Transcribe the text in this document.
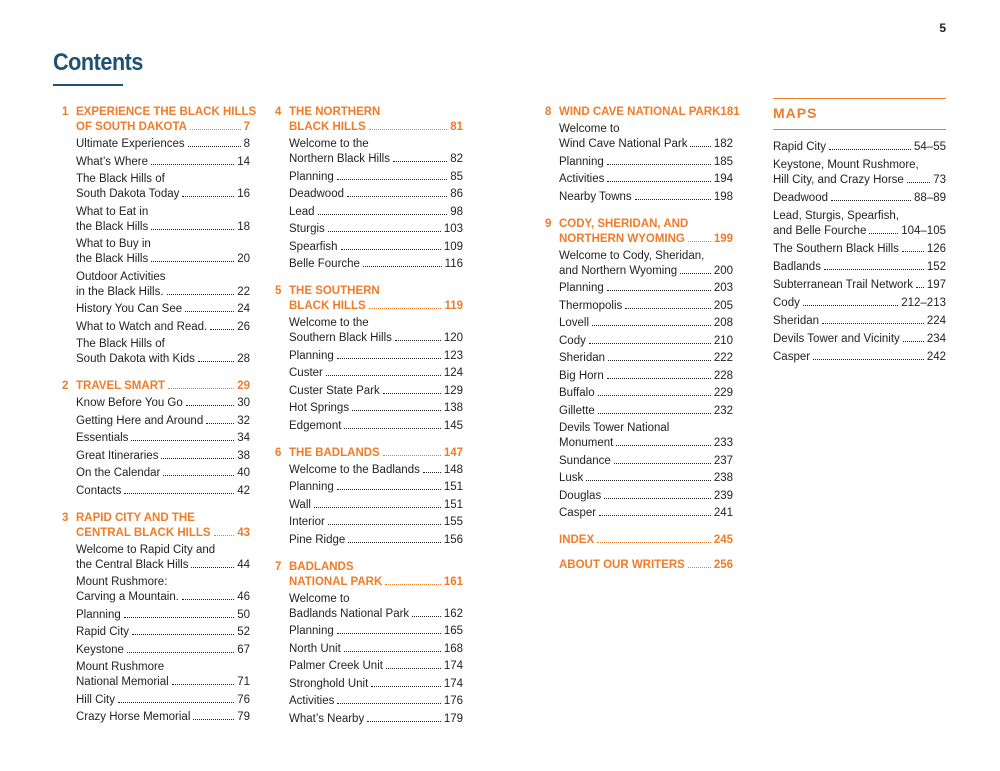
5
Contents
1 EXPERIENCE THE BLACK HILLS
OF SOUTH DAKOTA	7
Ultimate Experiences	8
What’s Where	14
The Black Hills of
South Dakota Today	16
What to Eat in
the Black Hills	18
What to Buy in
the Black Hills	20
Outdoor Activities
in the Black Hills.	22
History You Can See	24
What to Watch and Read.	26
The Black Hills of
South Dakota with Kids	28
2 TRAVEL SMART	29
Know Before You Go	30
Getting Here and Around	32
Essentials	34
Great Itineraries	38
On the Calendar	40
Contacts	42
3 RAPID CITY AND THE
CENTRAL BLACK HILLS 43
Welcome to Rapid City and
the Central Black Hills	44
Mount Rushmore:
Carving a Mountain.	46
Planning	50
Rapid City	52
Keystone	67
Mount Rushmore
National Memorial	71
Hill City	76
Crazy Horse Memorial	79
4 THE NORTHERN
BLACK HILLS	81
Welcome to the
Northern Black Hills	82
Planning	85
Deadwood	86
Lead	98
Sturgis	103
Spearfish	109
Belle Fourche	116
5 THE SOUTHERN
BLACK HILLS	119
Welcome to the
Southern Black Hills	120
Planning	123
Custer	124
Custer State Park	129
Hot Springs	138
Edgemont	145
6 THE BADLANDS	147
Welcome to the Badlands 148
Planning	151
Wall	151
Interior	155
Pine Ridge	156
7 BADLANDS
NATIONAL PARK	161
Welcome to
Badlands National Park	162
Planning	165
North Unit	168
Palmer Creek Unit	174
Stronghold Unit	174
Activities	176
What’s Nearby	179
8 WIND CAVE NATIONAL PARK 181
Welcome to
Wind Cave National Park 182
Planning	185
Activities	194
Nearby Towns	198
9 CODY, SHERIDAN, AND
NORTHERN WYOMING	199
Welcome to Cody, Sheridan,
and Northern Wyoming	200
Planning	203
Thermopolis	205
Lovell	208
Cody	210
Sheridan	222
Big Horn	228
Buffalo	229
Gillette	232
Devils Tower National
Monument	233
Sundance	237
Lusk	238
Douglas	239
Casper	241
INDEX	245
ABOUT OUR WRITERS	256
MAPS
Rapid City	54–55
Keystone, Mount Rushmore,
Hill City, and Crazy Horse	73
Deadwood	88–89
Lead, Sturgis, Spearfish,
and Belle Fourche	104–105
The Southern Black Hills 126
Badlands	152
Subterranean Trail Network 197
Cody	212–213
Sheridan	224
Devils Tower and Vicinity 234
Casper	242
